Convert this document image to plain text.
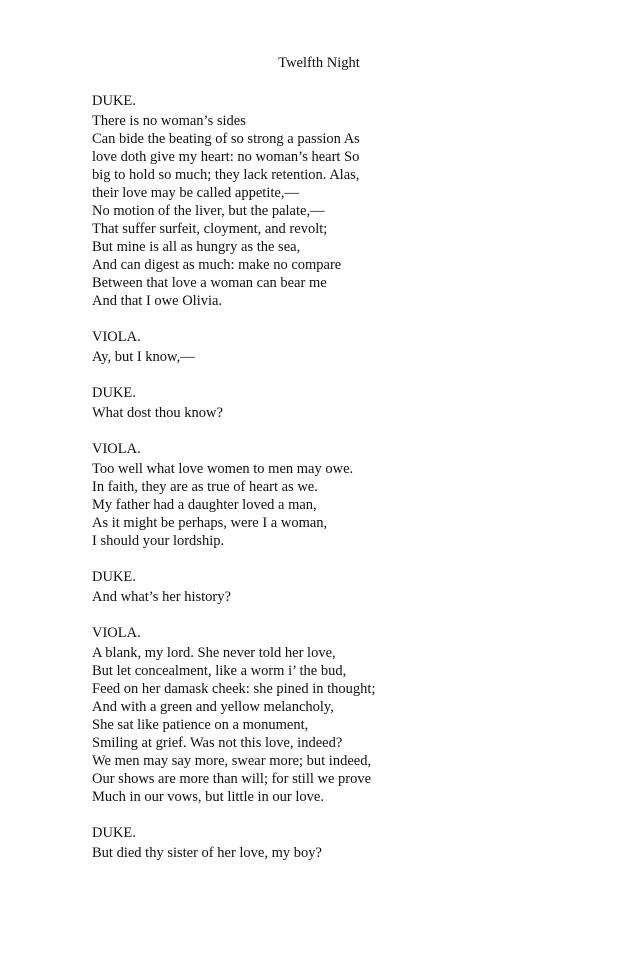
Twelfth Night
DUKE.
There is no woman’s sides
Can bide the beating of so strong a passion As
love doth give my heart: no woman’s heart So
big to hold so much; they lack retention. Alas,
their love may be called appetite,—
No motion of the liver, but the palate,—
That suffer surfeit, cloyment, and revolt;
But mine is all as hungry as the sea,
And can digest as much: make no compare
Between that love a woman can bear me
And that I owe Olivia.
VIOLA.
Ay, but I know,—
DUKE.
What dost thou know?
VIOLA.
Too well what love women to men may owe.
In faith, they are as true of heart as we.
My father had a daughter loved a man,
As it might be perhaps, were I a woman,
I should your lordship.
DUKE.
And what’s her history?
VIOLA.
A blank, my lord. She never told her love,
But let concealment, like a worm i’ the bud,
Feed on her damask cheek: she pined in thought;
And with a green and yellow melancholy,
She sat like patience on a monument,
Smiling at grief. Was not this love, indeed?
We men may say more, swear more; but indeed,
Our shows are more than will; for still we prove
Much in our vows, but little in our love.
DUKE.
But died thy sister of her love, my boy?
